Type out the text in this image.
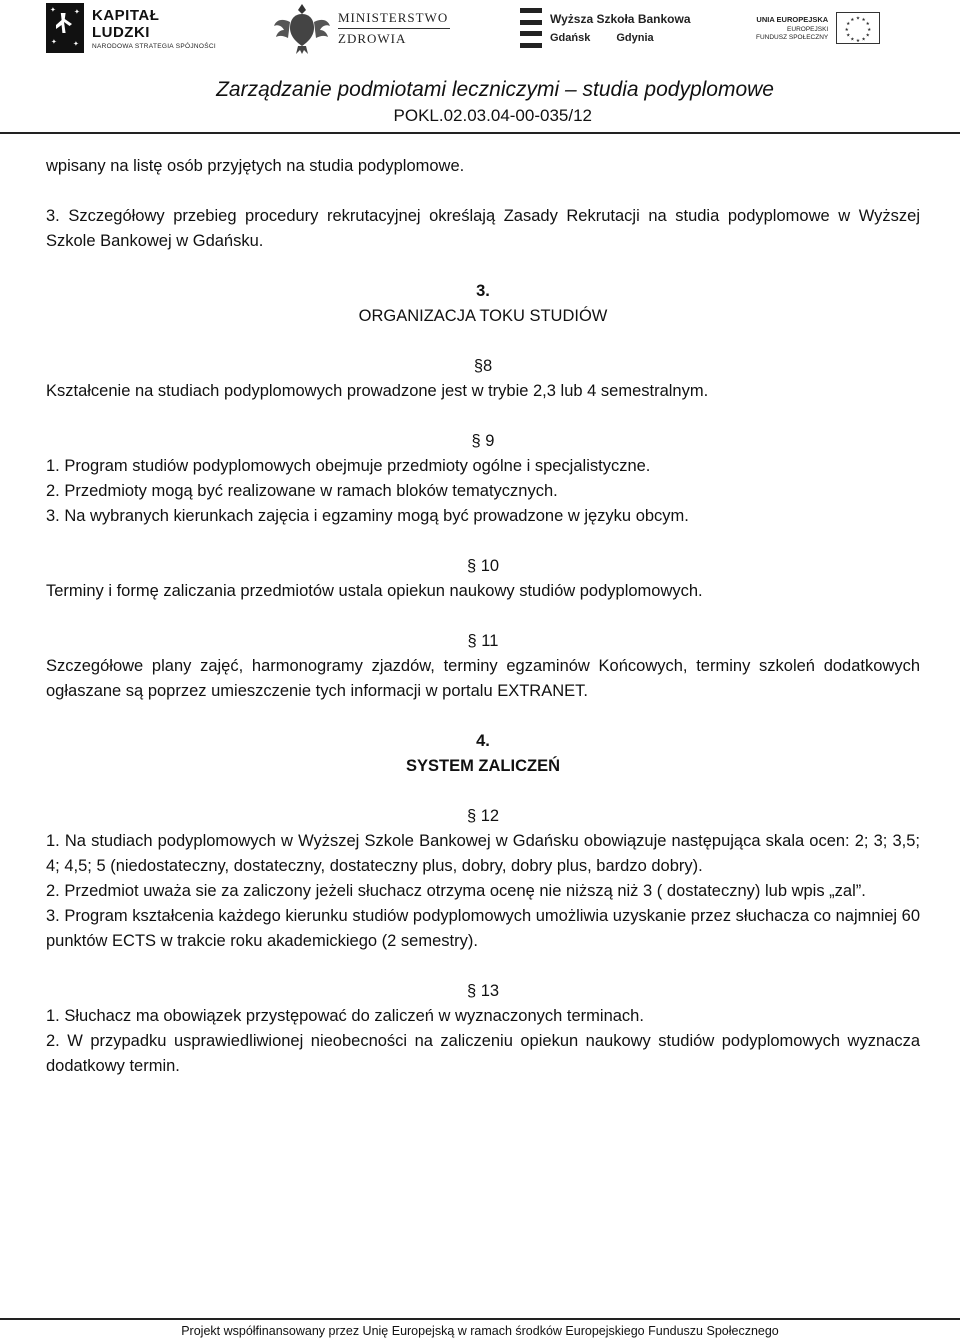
✦	✦
✦ ✦
KAPITAŁ LUDZKI
NARODOWA STRATEGIA SPÓJNOŚCI
MINISTERSTWO
ZDROWIA
Wyższa Szkoła Bankowa
Gdańsk Gdynia
UNIA EUROPEJSKA
EUROPEJSKI
FUNDUSZ SPOŁECZNY
★ ★
★
★
★
★
★
★
★
★
★
★
Zarządzanie podmiotami leczniczymi – studia podyplomowe
POKL.02.03.04-00-035/12
wpisany na listę osób przyjętych na studia podyplomowe.
3. Szczegółowy przebieg procedury rekrutacyjnej określają Zasady Rekrutacji na studia podyplomowe w Wyższej Szkole Bankowej w Gdańsku.
3.
ORGANIZACJA TOKU STUDIÓW
§8
Kształcenie na studiach podyplomowych prowadzone jest w trybie 2,3 lub 4 semestralnym.
§ 9
1. Program studiów podyplomowych obejmuje przedmioty ogólne i specjalistyczne.
2. Przedmioty mogą być realizowane w ramach bloków tematycznych.
3. Na wybranych kierunkach zajęcia i egzaminy mogą być prowadzone w języku obcym.
§ 10
Terminy i formę zaliczania przedmiotów ustala opiekun naukowy studiów podyplomowych.
§ 11
Szczegółowe plany zajęć, harmonogramy zjazdów, terminy egzaminów Końcowych, terminy szkoleń dodatkowych ogłaszane są poprzez umieszczenie tych informacji w portalu EXTRANET.
4.
SYSTEM ZALICZEŃ
§ 12
1. Na studiach podyplomowych w Wyższej Szkole Bankowej w Gdańsku obowiązuje następująca skala ocen: 2; 3; 3,5; 4; 4,5; 5 (niedostateczny, dostateczny, dostateczny plus, dobry, dobry plus, bardzo dobry).
2. Przedmiot uważa sie za zaliczony jeżeli słuchacz otrzyma ocenę nie niższą niż 3 ( dostateczny) lub wpis „zal”.
3. Program kształcenia każdego kierunku studiów podyplomowych umożliwia uzyskanie przez słuchacza co najmniej 60 punktów ECTS w trakcie roku akademickiego (2 semestry).
§ 13
1. Słuchacz ma obowiązek przystępować do zaliczeń w wyznaczonych terminach.
2. W przypadku usprawiedliwionej nieobecności na zaliczeniu opiekun naukowy studiów podyplomowych wyznacza dodatkowy termin.
Projekt współfinansowany przez Unię Europejską w ramach środków Europejskiego Funduszu Społecznego
